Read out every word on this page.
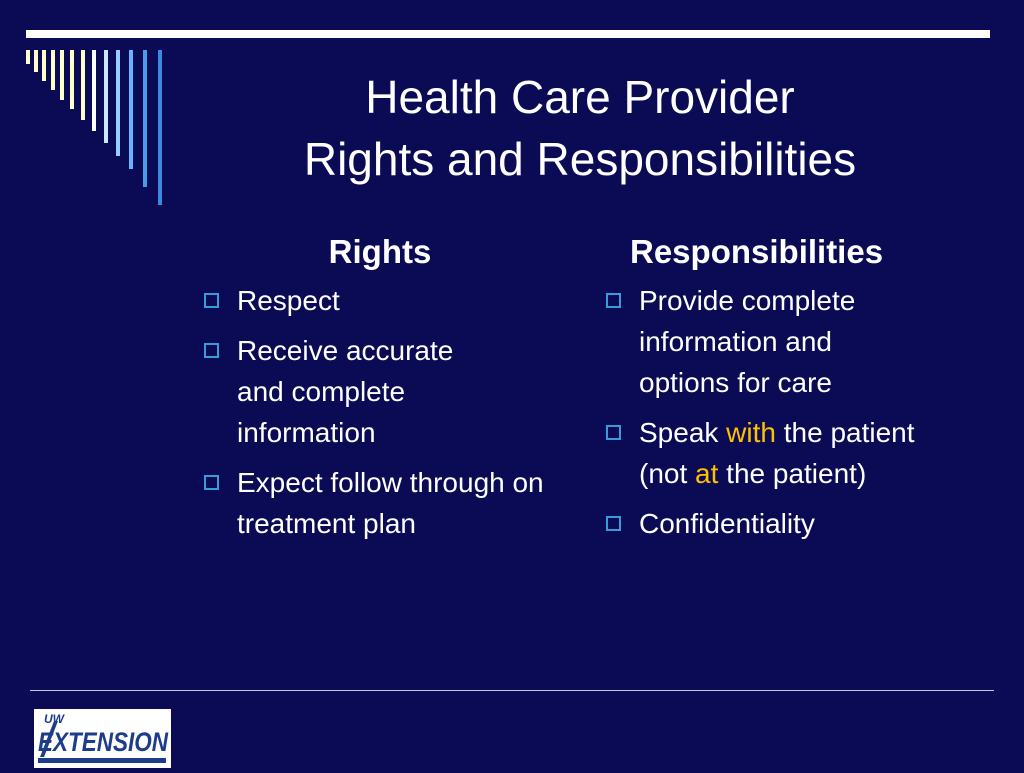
Health Care Provider
Rights and Responsibilities
Rights
Respect
Receive accurate and complete information
Expect follow through on treatment plan
Responsibilities
Provide complete information and options for care
Speak with the patient (not at the patient)
Confidentiality
UW
EXTENSION
